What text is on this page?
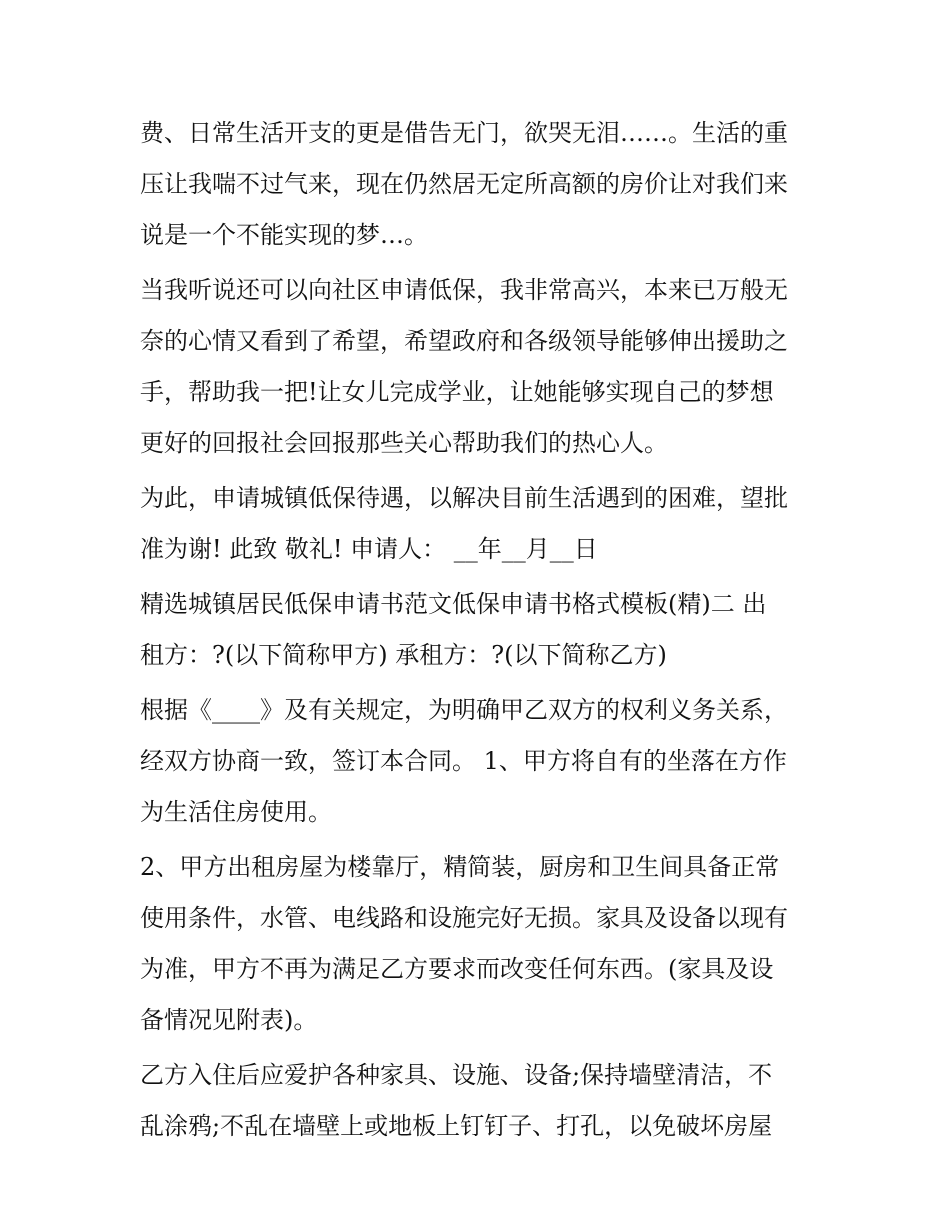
费、日常生活开支的更是借告无门，欲哭无泪……。生活的重
压让我喘不过气来，现在仍然居无定所高额的房价让对我们来
说是一个不能实现的梦…。

当我听说还可以向社区申请低保，我非常高兴，本来已万般无
奈的心情又看到了希望，希望政府和各级领导能够伸出援助之
手，帮助我一把!让女儿完成学业，让她能够实现自己的梦想
更好的回报社会回报那些关心帮助我们的热心人。

为此，申请城镇低保待遇，以解决目前生活遇到的困难，望批
准为谢! 此致 敬礼! 申请人： __年__月__日

精选城镇居民低保申请书范文低保申请书格式模板(精)二 出
租方：?(以下简称甲方) 承租方：?(以下简称乙方)

根据《____》及有关规定，为明确甲乙双方的权利义务关系，
经双方协商一致，签订本合同。 1、甲方将自有的坐落在方作
为生活住房使用。

2、甲方出租房屋为楼靠厅，精简装，厨房和卫生间具备正常
使用条件，水管、电线路和设施完好无损。家具及设备以现有
为准，甲方不再为满足乙方要求而改变任何东西。(家具及设
备情况见附表)。

乙方入住后应爱护各种家具、设施、设备;保持墙壁清洁，不
乱涂鸦;不乱在墙壁上或地板上钉钉子、打孔，以免破坏房屋
